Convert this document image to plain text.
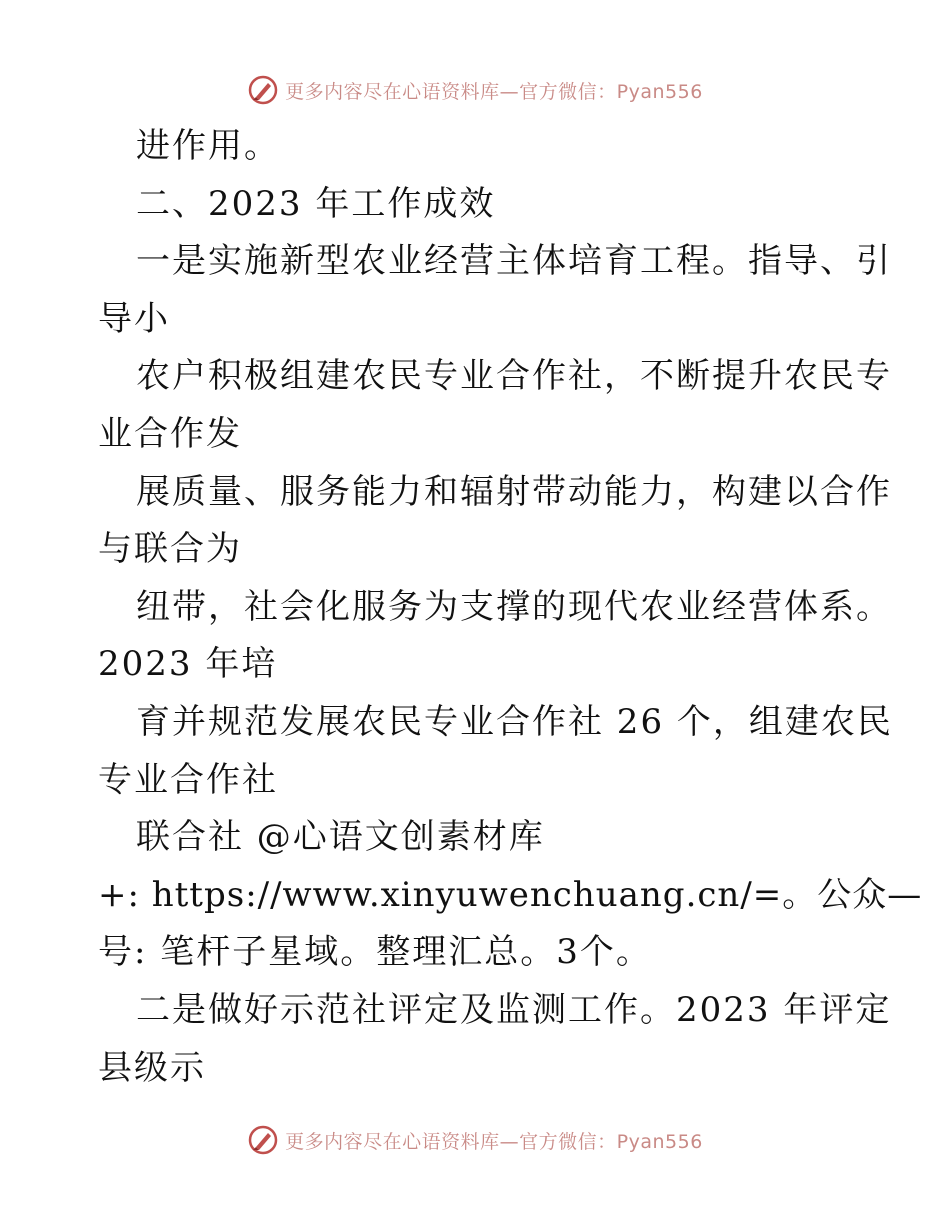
更多内容尽在心语资料库—官方微信：Pyan556
进作用。
二、2023 年工作成效
一是实施新型农业经营主体培育工程。指导、引
导小
农户积极组建农民专业合作社，不断提升农民专
业合作发
展质量、服务能力和辐射带动能力，构建以合作
与联合为
纽带，社会化服务为支撑的现代农业经营体系。
2023 年培
育并规范发展农民专业合作社 26 个，组建农民
专业合作社
联合社 @心语文创素材库
+: https://www.xinyuwenchuang.cn/=。公众—
号: 笔杆子星域。整理汇总。3个。
二是做好示范社评定及监测工作。2023 年评定
县级示
更多内容尽在心语资料库—官方微信：Pyan556
